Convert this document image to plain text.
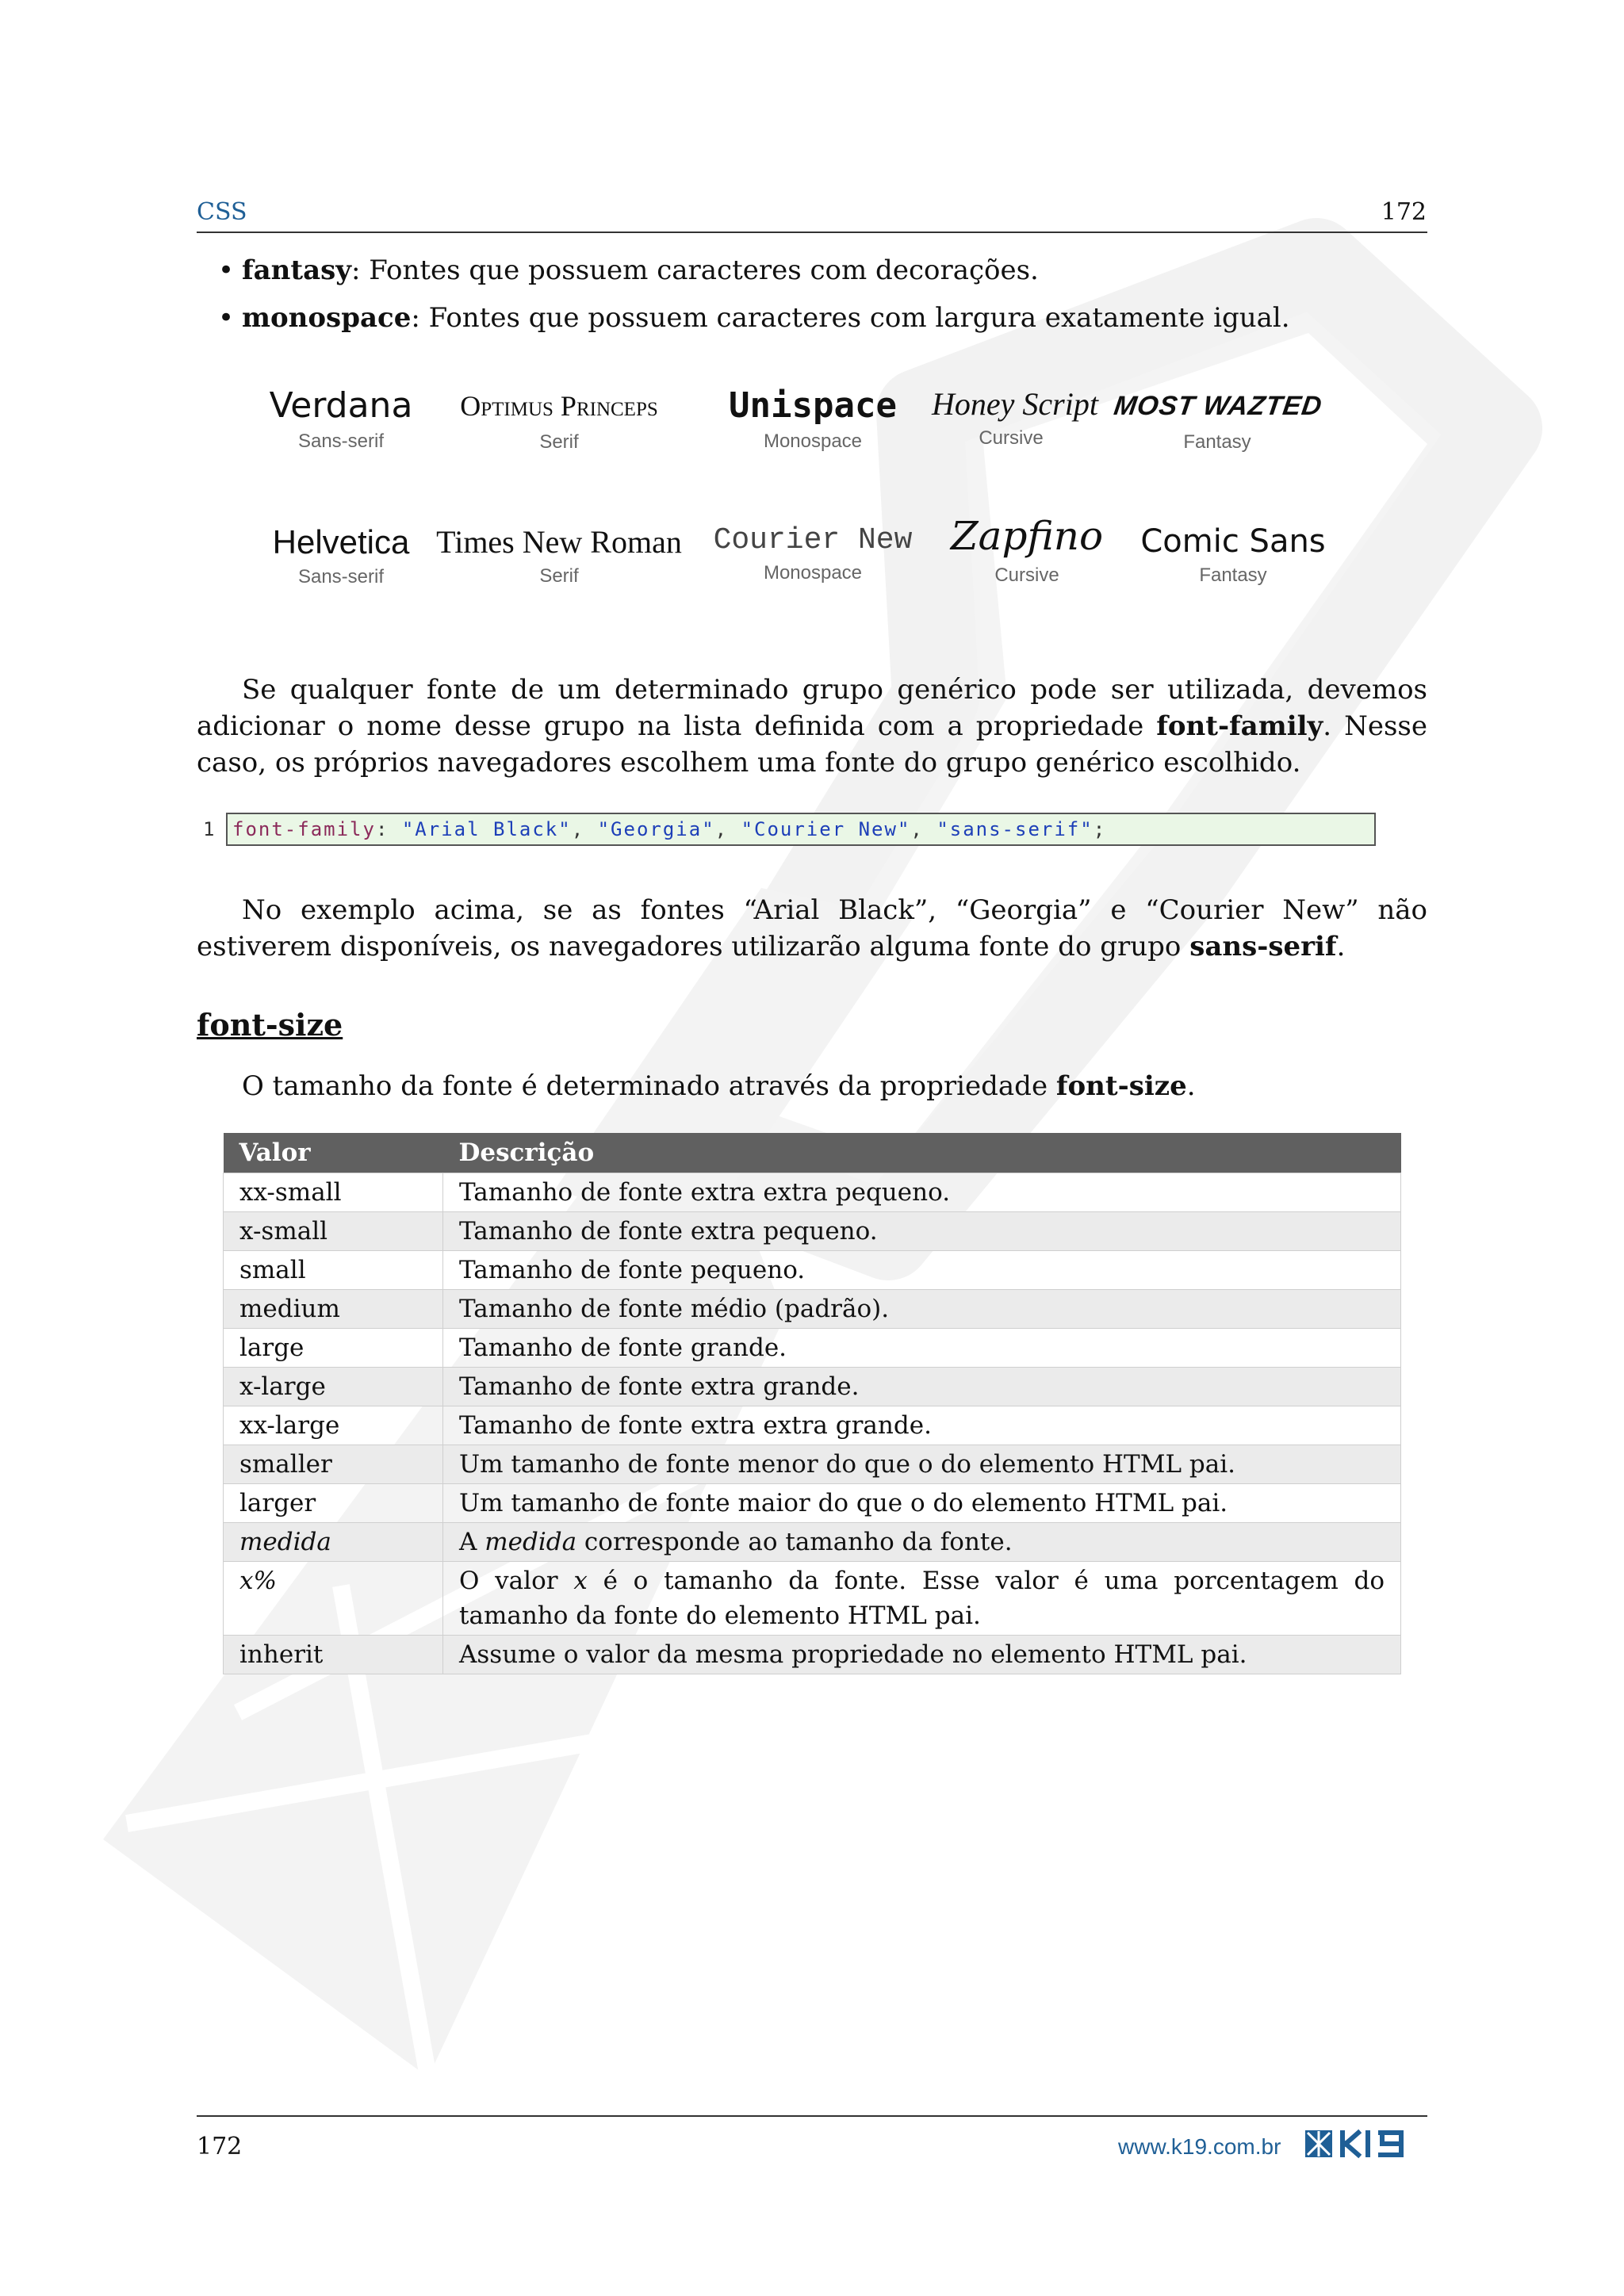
CSS	172
• fantasy: Fontes que possuem caracteres com decorações.
• monospace: Fontes que possuem caracteres com largura exatamente igual.
Verdana
Sans-serif
Optimus Princeps
Serif
Unispace
Monospace
Honey Script
Cursive
MOST WAZTED
Fantasy
Helvetica
Sans-serif
Times New Roman
Serif
Courier New
Monospace
Zapfino
Cursive
Comic Sans
Fantasy
Se qualquer fonte de um determinado grupo genérico pode ser utilizada, devemos adicionar o nome desse grupo na lista definida com a propriedade font-family. Nesse caso, os próprios navegadores escolhem uma fonte do grupo genérico escolhido.
1 font-family: "Arial Black", "Georgia", "Courier New", "sans-serif";
No exemplo acima, se as fontes “Arial Black”, “Georgia” e “Courier New” não estiverem disponíveis, os navegadores utilizarão alguma fonte do grupo sans-serif.
font-size
O tamanho da fonte é determinado através da propriedade font-size.
Valor	Descrição
xx-small	Tamanho de fonte extra extra pequeno.
x-small	Tamanho de fonte extra pequeno.
small	Tamanho de fonte pequeno.
medium	Tamanho de fonte médio (padrão).
large	Tamanho de fonte grande.
x-large	Tamanho de fonte extra grande.
xx-large	Tamanho de fonte extra extra grande.
smaller	Um tamanho de fonte menor do que o do elemento HTML pai.
larger	Um tamanho de fonte maior do que o do elemento HTML pai.
medida	A medida corresponde ao tamanho da fonte.
x%	O valor x é o tamanho da fonte. Esse valor é uma porcentagem do tamanho da fonte do elemento HTML pai.
inherit	Assume o valor da mesma propriedade no elemento HTML pai.
172	www.k19.com.br
